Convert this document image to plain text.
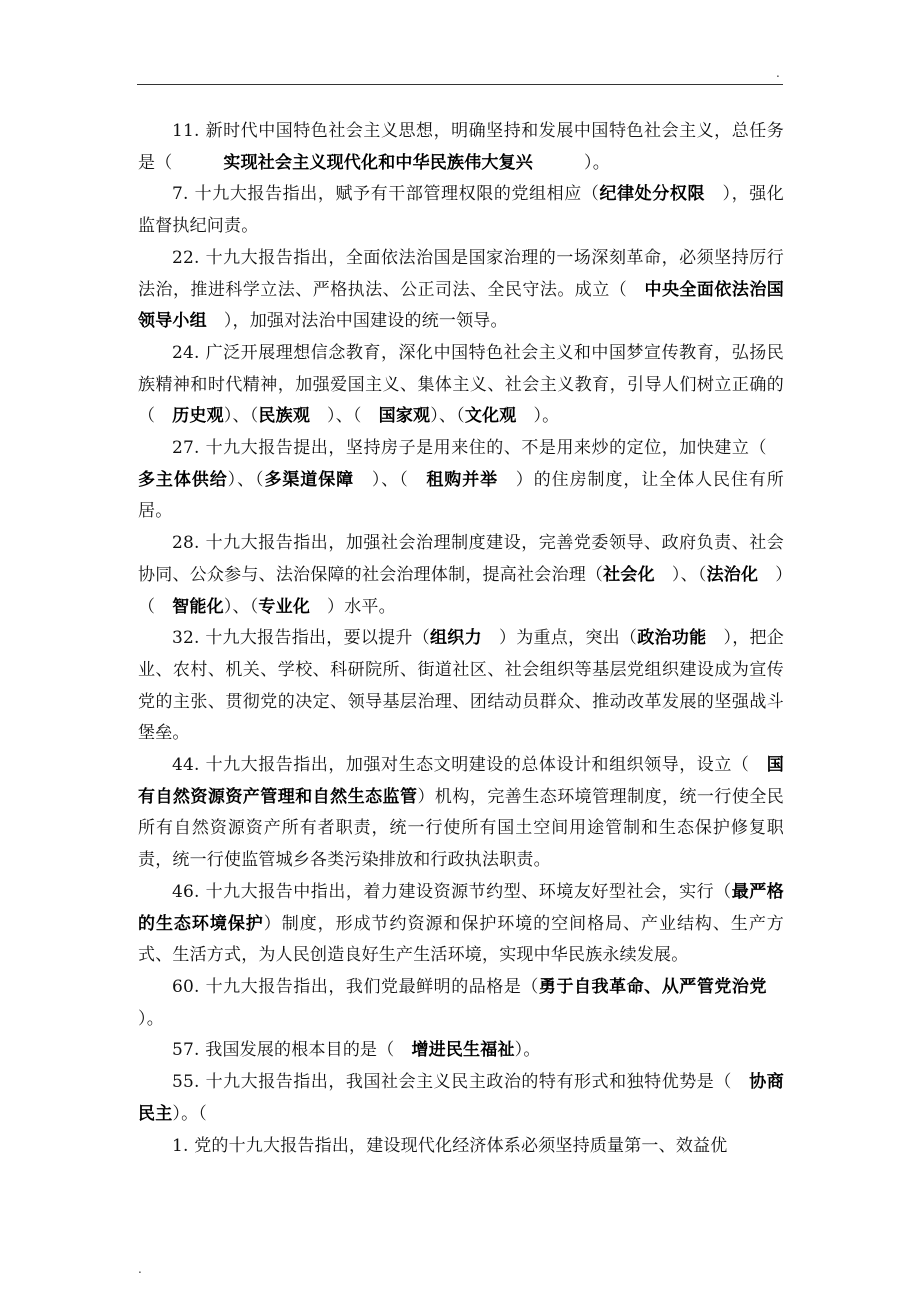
.

11. 新时代中国特色社会主义思想，明确坚持和发展中国特色社会主义，总任务是（	实现社会主义现代化和中华民族伟大复兴	）。

7. 十九大报告指出，赋予有干部管理权限的党组相应（纪律处分权限 ），强化监督执纪问责。

22. 十九大报告指出，全面依法治国是国家治理的一场深刻革命，必须坚持厉行法治，推进科学立法、严格执法、公正司法、全民守法。成立（ 中央全面依法治国领导小组 ），加强对法治中国建设的统一领导。

24. 广泛开展理想信念教育，深化中国特色社会主义和中国梦宣传教育，弘扬民族精神和时代精神，加强爱国主义、集体主义、社会主义教育，引导人们树立正确的（ 历史观）、（民族观 ）、（ 国家观）、（文化观 ）。

27. 十九大报告提出，坚持房子是用来住的、不是用来炒的定位，加快建立（多主体供给）、（多渠道保障 ）、（ 租购并举 ）的住房制度，让全体人民住有所居。

28. 十九大报告指出，加强社会治理制度建设，完善党委领导、政府负责、社会协同、公众参与、法治保障的社会治理体制，提高社会治理（社会化 ）、（法治化 ）（ 智能化）、（专业化 ）水平。

32. 十九大报告指出，要以提升（组织力 ）为重点，突出（政治功能 ），把企业、农村、机关、学校、科研院所、街道社区、社会组织等基层党组织建设成为宣传党的主张、贯彻党的决定、领导基层治理、团结动员群众、推动改革发展的坚强战斗堡垒。

44. 十九大报告指出，加强对生态文明建设的总体设计和组织领导，设立（ 国有自然资源资产管理和自然生态监管）机构，完善生态环境管理制度，统一行使全民所有自然资源资产所有者职责，统一行使所有国土空间用途管制和生态保护修复职责，统一行使监管城乡各类污染排放和行政执法职责。

46. 十九大报告中指出，着力建设资源节约型、环境友好型社会，实行（最严格的生态环境保护）制度，形成节约资源和保护环境的空间格局、产业结构、生产方式、生活方式，为人民创造良好生产生活环境，实现中华民族永续发展。

60. 十九大报告指出，我们党最鲜明的品格是（勇于自我革命、从严管党治党）。

57. 我国发展的根本目的是（ 增进民生福祉）。

55. 十九大报告指出，我国社会主义民主政治的特有形式和独特优势是（ 协商民主）。（

1. 党的十九大报告指出，建设现代化经济体系必须坚持质量第一、效益优

.
